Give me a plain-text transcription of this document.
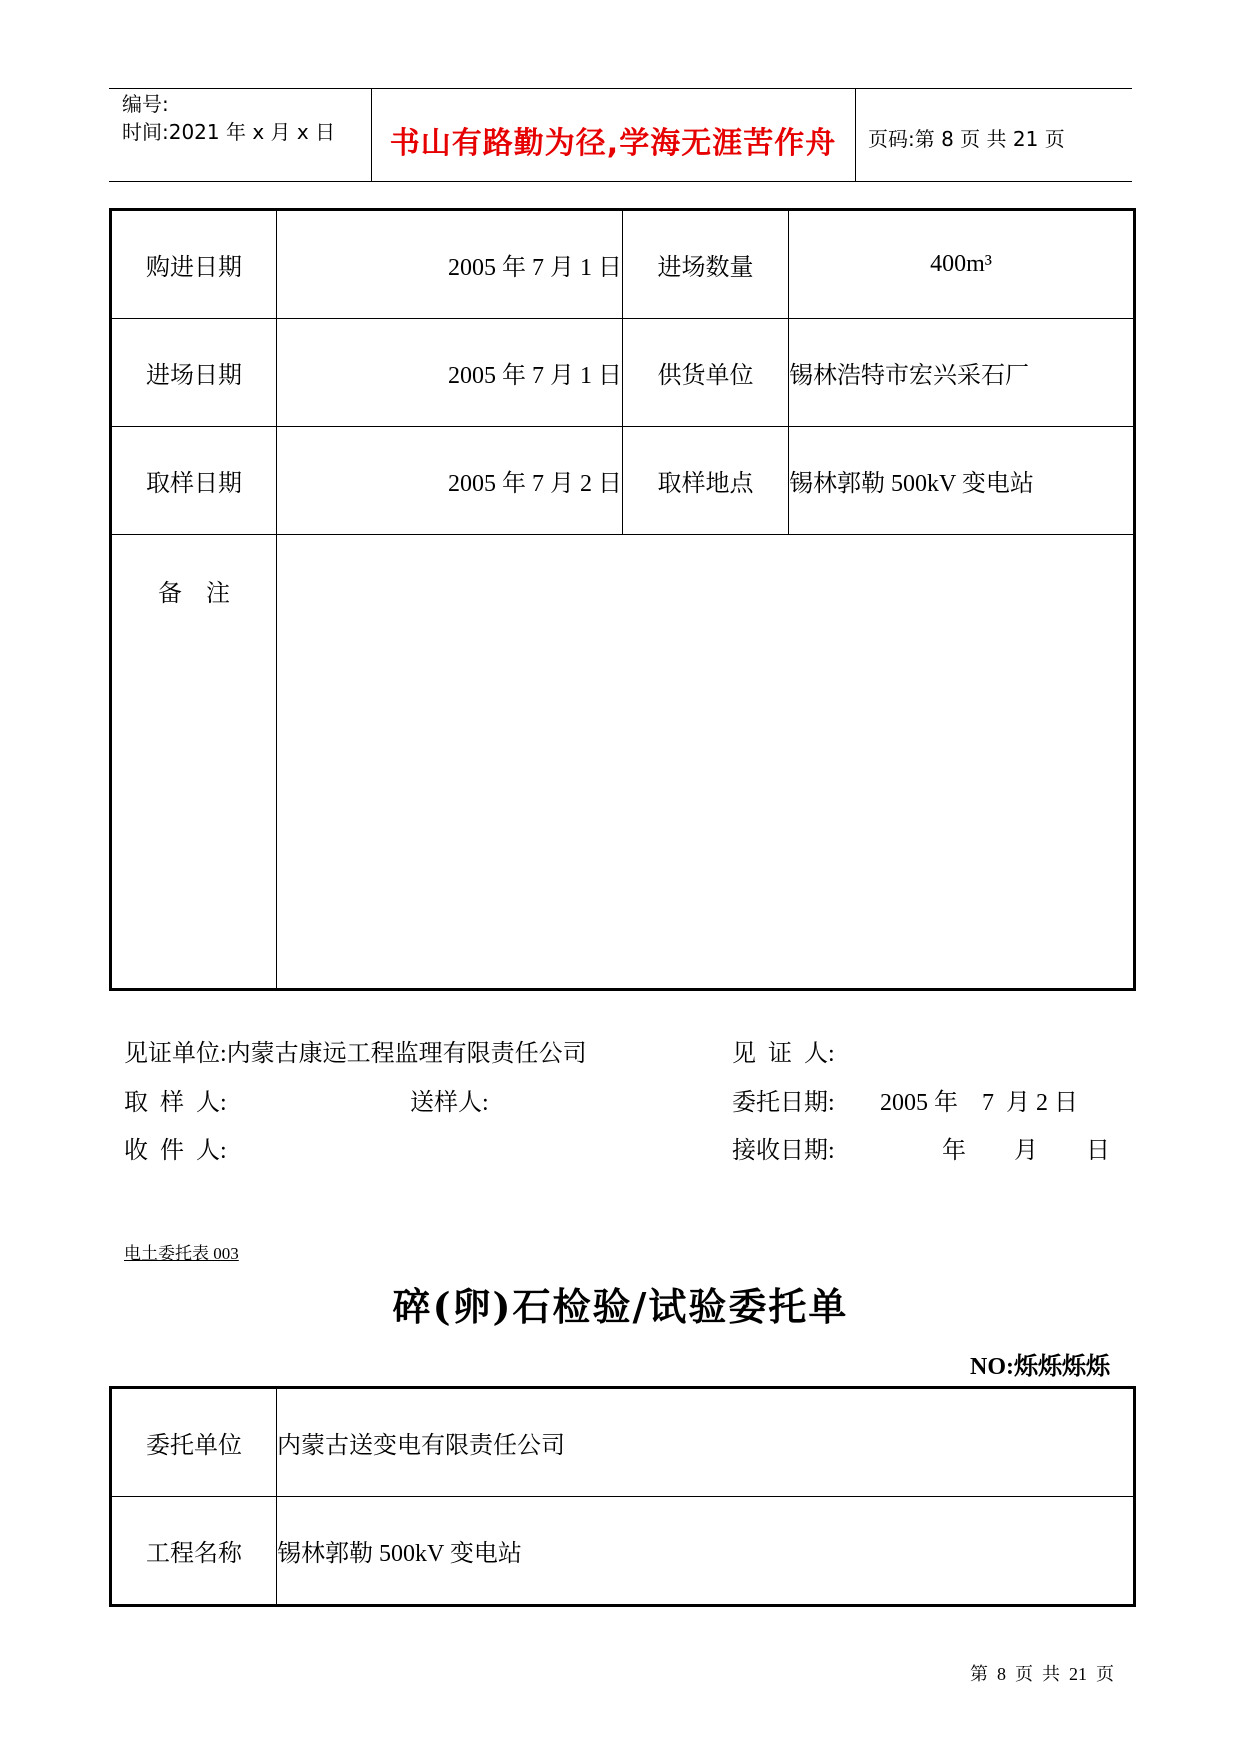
编号:
时间:2021 年 x 月 x 日	书山有路勤为径,学海无涯苦作舟	页码:第 8 页 共 21 页
购进日期	2005 年 7 月 1 日	进场数量	400m³
进场日期	2005 年 7 月 1 日	供货单位	锡林浩特市宏兴采石厂
取样日期	2005 年 7 月 2 日	取样地点	锡林郭勒 500kV 变电站
备    注			
见证单位:内蒙古康远工程监理有限责任公司	见  证  人:
取  样  人:	送样人:	委托日期: 2005 年    7  月 2 日
收  件  人:	接收日期:	年        月        日
电土委托表 003
碎(卵)石检验/试验委托单
NO:烁烁烁烁
委托单位	内蒙古送变电有限责任公司
工程名称	锡林郭勒 500kV 变电站
第  8  页  共  21  页
